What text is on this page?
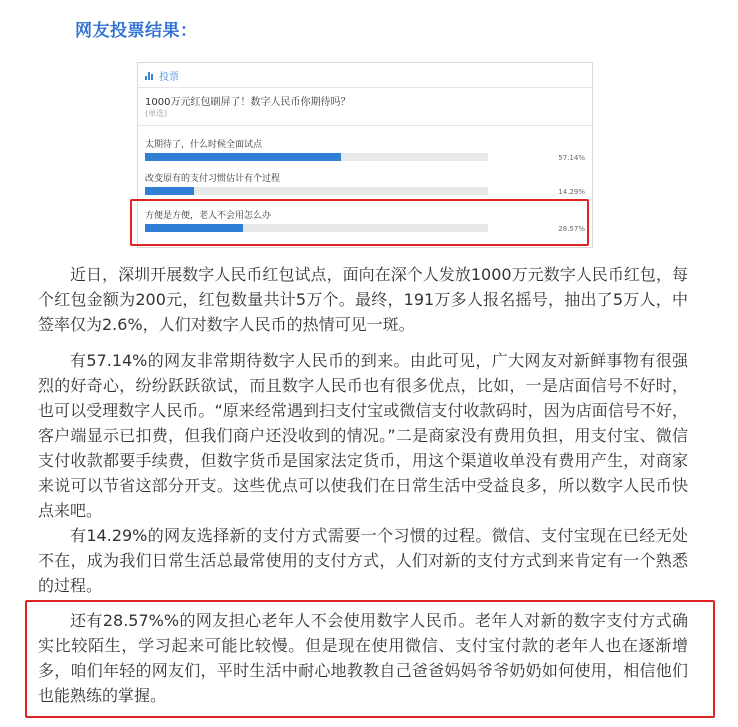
网友投票结果：
投票
1000万元红包刷屏了！数字人民币你期待吗？
(单选)
太期待了，什么时候全面试点
57.14%
改变原有的支付习惯估计有个过程
14.29%
方便是方便，老人不会用怎么办
28.57%

近日，深圳开展数字人民币红包试点，面向在深个人发放1000万元数字人民币红包，每个红包金额为200元，红包数量共计5万个。最终，191万多人报名摇号，抽出了5万人，中签率仅为2.6%，人们对数字人民币的热情可见一斑。

有57.14%的网友非常期待数字人民币的到来。由此可见，广大网友对新鲜事物有很强烈的好奇心，纷纷跃跃欲试，而且数字人民币也有很多优点，比如，一是店面信号不好时，也可以受理数字人民币。“原来经常遇到扫支付宝或微信支付收款码时，因为店面信号不好，客户端显示已扣费，但我们商户还没收到的情况。”二是商家没有费用负担，用支付宝、微信支付收款都要手续费，但数字货币是国家法定货币，用这个渠道收单没有费用产生，对商家来说可以节省这部分开支。这些优点可以使我们在日常生活中受益良多，所以数字人民币快点来吧。

有14.29%的网友选择新的支付方式需要一个习惯的过程。微信、支付宝现在已经无处不在，成为我们日常生活总最常使用的支付方式，人们对新的支付方式到来肯定有一个熟悉的过程。

还有28.57%%的网友担心老年人不会使用数字人民币。老年人对新的数字支付方式确实比较陌生，学习起来可能比较慢。但是现在使用微信、支付宝付款的老年人也在逐渐增多，咱们年轻的网友们，平时生活中耐心地教教自己爸爸妈妈爷爷奶奶如何使用，相信他们也能熟练的掌握。
